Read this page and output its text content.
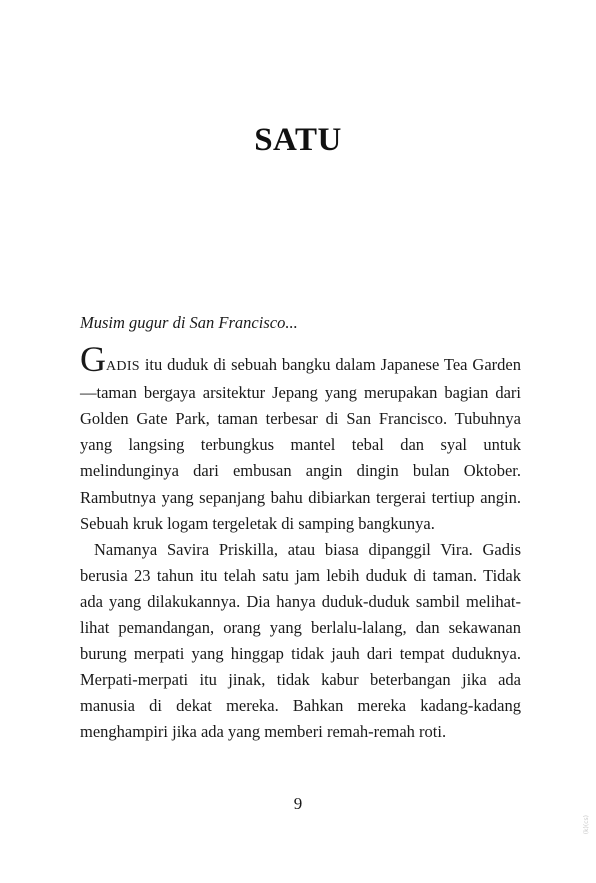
SATU

Musim gugur di San Francisco...

GADIS itu duduk di sebuah bangku dalam Japanese Tea Garden—taman bergaya arsitektur Jepang yang merupakan bagian dari Golden Gate Park, taman terbesar di San Francisco. Tubuhnya yang langsing terbungkus mantel tebal dan syal untuk melindunginya dari embusan angin dingin bulan Oktober. Rambutnya yang sepanjang bahu dibiarkan tergerai tertiup angin. Sebuah kruk logam tergeletak di samping bangkunya.

Namanya Savira Priskilla, atau biasa dipanggil Vira. Gadis berusia 23 tahun itu telah satu jam lebih duduk di taman. Tidak ada yang dilakukannya. Dia hanya duduk-duduk sambil melihat-lihat pemandangan, orang yang berlalu-lalang, dan sekawanan burung merpati yang hinggap tidak jauh dari tempat duduknya. Merpati-merpati itu jinak, tidak kabur beterbangan jika ada manusia di dekat mereka. Bahkan mereka kadang-kadang menghampiri jika ada yang memberi remah-remah roti.

9
(k)(cs)
